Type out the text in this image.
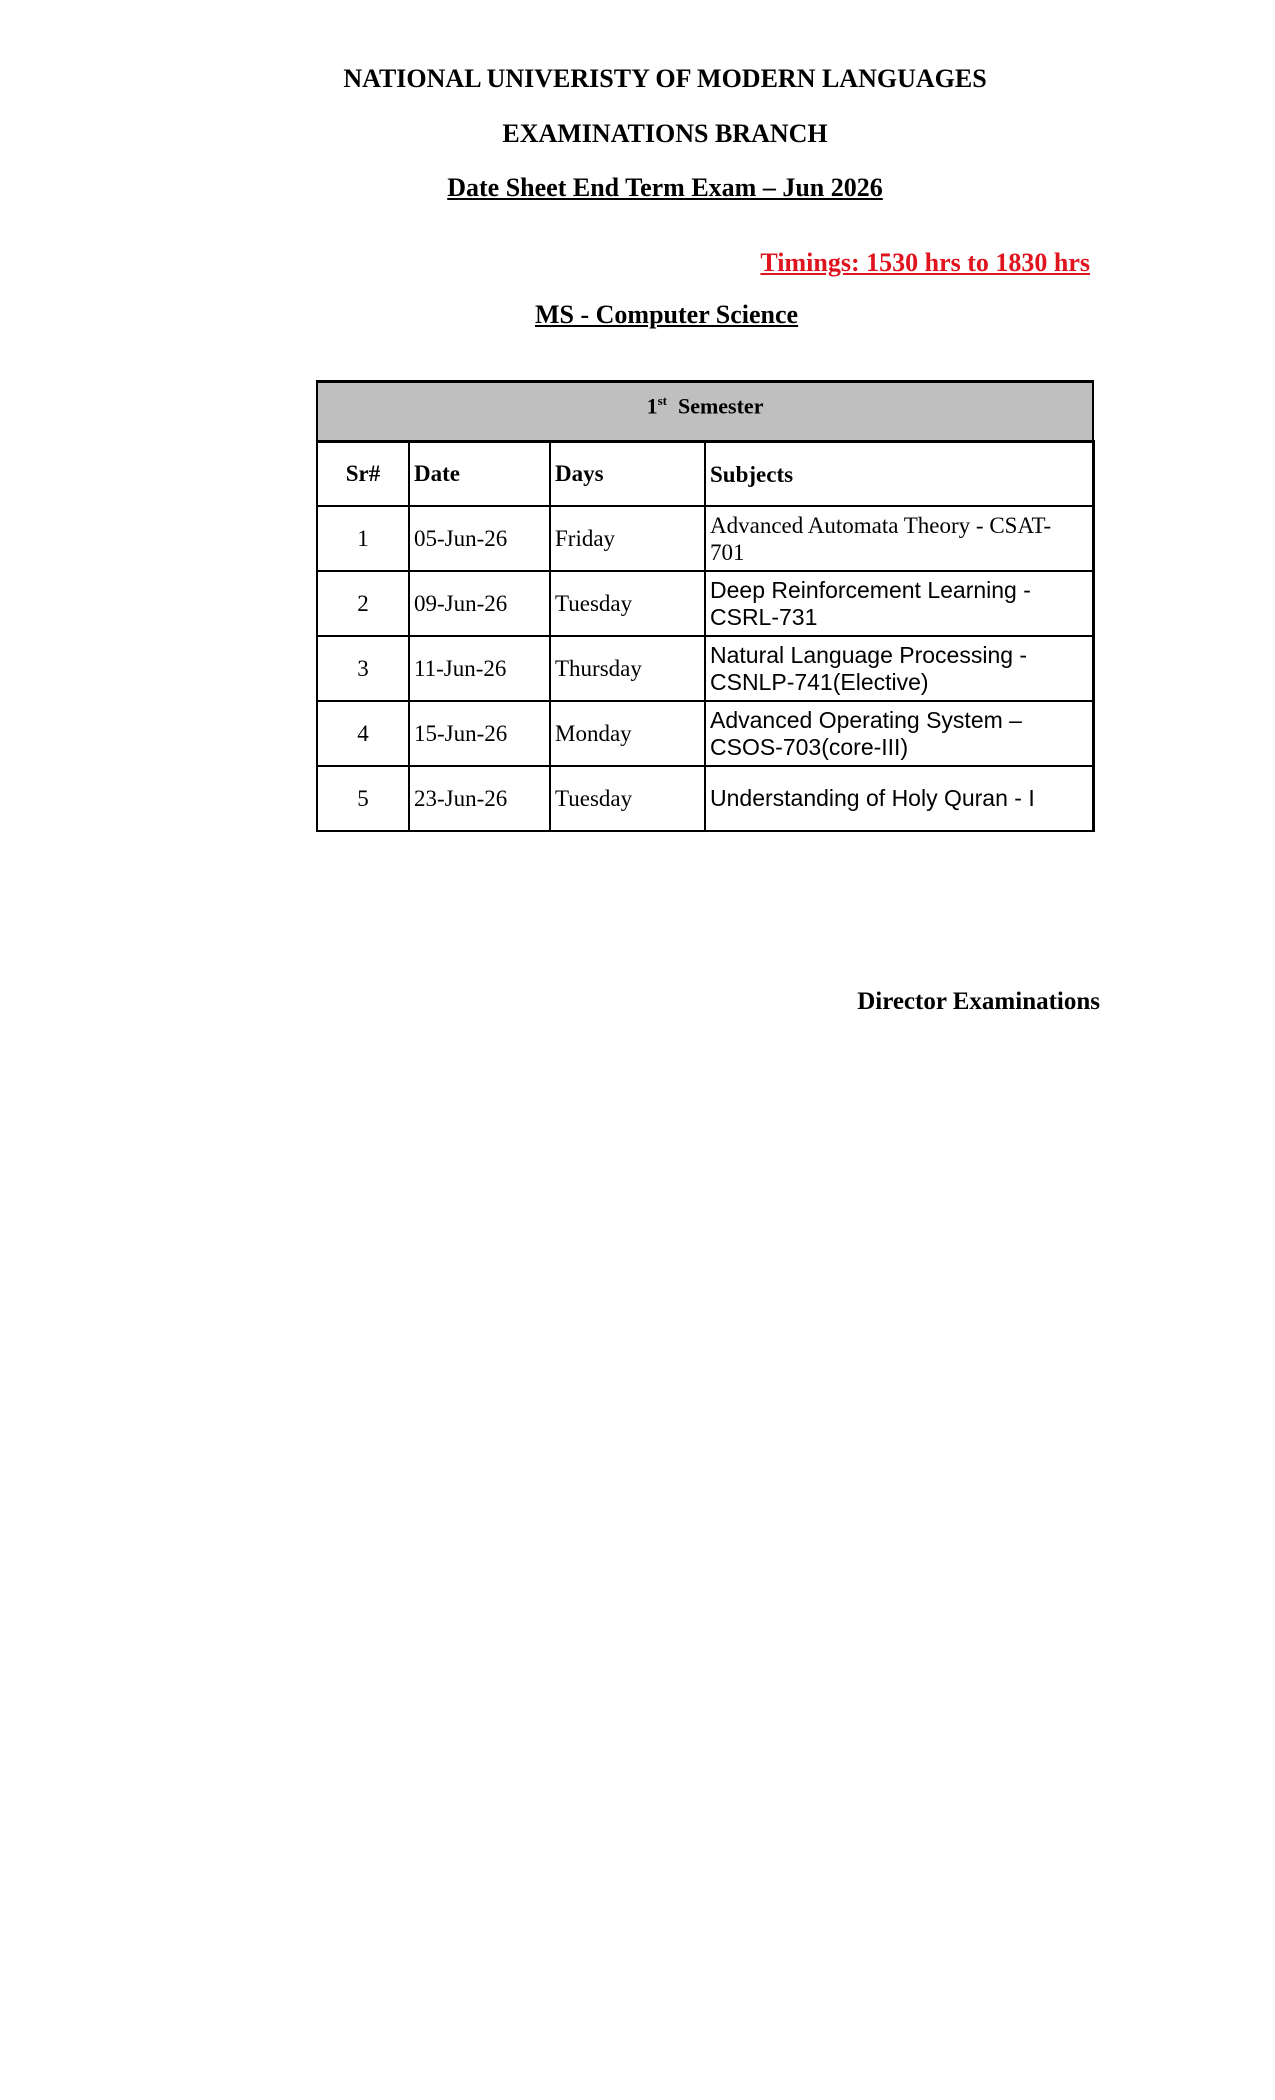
NATIONAL UNIVERISTY OF MODERN LANGUAGES
EXAMINATIONS BRANCH
Date Sheet End Term Exam – Jun 2026
Timings: 1530 hrs to 1830 hrs
MS - Computer Science
1st Semester			
Sr#	Date	Days	Subjects
1	05-Jun-26	Friday	Advanced Automata Theory - CSAT-701
2	09-Jun-26	Tuesday	Deep Reinforcement Learning - CSRL-731
3	11-Jun-26	Thursday	Natural Language Processing - CSNLP-741(Elective)
4	15-Jun-26	Monday	Advanced Operating System – CSOS-703(core-III)
5	23-Jun-26	Tuesday	Understanding of Holy Quran - I
Director Examinations
